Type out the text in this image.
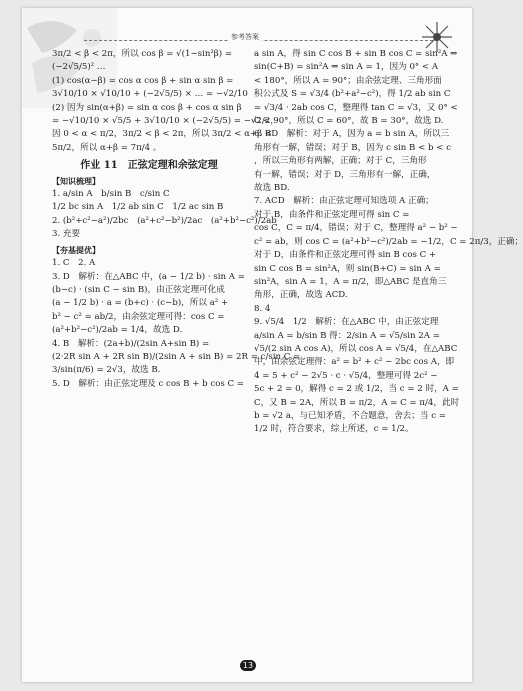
参考答案
3π/2 < β < 2π，所以 cos β = √(1−sin²β) =
(−2√5/5)² …
(1) cos(α−β) = cos α cos β + sin α sin β =
3√10/10 × √10/10 + (−2√5/5) × … = −√2/10
(2) 因为 sin(α+β) = sin α cos β + cos α sin β
= −√10/10 × √5/5 + 3√10/10 × (−2√5/5) = −√2/2，
因 0 < α < π/2，3π/2 < β < 2π，所以 3π/2 < α+β <
5π/2，所以 α+β = 7π/4 。
作业 11　正弦定理和余弦定理
【知识梳理】
1. a/sin A　b/sin B　c/sin C
1/2 bc sin A　1/2 ab sin C　1/2 ac sin B
2. (b²+c²−a²)/2bc　(a²+c²−b²)/2ac　(a²+b²−c²)/2ab
3. 充要
【夯基提优】
1. C　2. A
3. D　解析：在△ABC 中，(a − 1/2 b) · sin A =
(b−c) · (sin C − sin B)，由正弦定理可化成
(a − 1/2 b) · a = (b+c) · (c−b)，所以 a² +
b² − c² = ab/2，由余弦定理可得：cos C =
(a²+b²−c²)/2ab = 1/4，故选 D.
4. B　解析：(2a+b)/(2sin A+sin B) =
(2·2R sin A + 2R sin B)/(2sin A + sin B) = 2R = c/sin C =
3/sin(π/6) = 2√3，故选 B.
5. D　解析：由正弦定理及 c cos B + b cos C =
a sin A，得 sin C cos B + sin B cos C = sin²A ⇒
sin(C+B) = sin²A ⇒ sin A = 1，因为 0° < A
< 180°，所以 A = 90°；由余弦定理、三角形面
积公式及 S = √3/4 (b²+a²−c²)，得 1/2 ab sin C
= √3/4 · 2ab cos C，整理得 tan C = √3，又 0° <
C < 90°，所以 C = 60°，故 B = 30°，故选 D.
6. BD　解析：对于 A，因为 a = b sin A，所以三
角形有一解，错误；对于 B，因为 c sin B < b < c
，所以三角形有两解，正确；对于 C，三角形
有一解，错误；对于 D，三角形有一解，正确，
故选 BD.
7. ACD　解析：由正弦定理可知选项 A 正确；
对于 B，由条件和正弦定理可得 sin C =
cos C，C = π/4，错误；对于 C，整理得 a² − b² −
c² = ab，则 cos C = (a²+b²−c²)/2ab = −1/2，C = 2π/3，正确；
对于 D，由条件和正弦定理可得 sin B cos C +
sin C cos B = sin²A，则 sin(B+C) = sin A =
sin²A，sin A = 1，A = π/2，即△ABC 是直角三
角形，正确，故选 ACD.
8. 4
9. √5/4　1/2　解析：在△ABC 中，由正弦定理
a/sin A = b/sin B 得：2/sin A = √5/sin 2A =
√5/(2 sin A cos A)，所以 cos A = √5/4，在△ABC
中，由余弦定理得：a² = b² + c² − 2bc cos A，即
4 = 5 + c² − 2√5 · c · √5/4，整理可得 2c² −
5c + 2 = 0，解得 c = 2 或 1/2，当 c = 2 时，A =
C，又 B = 2A，所以 B = π/2，A = C = π/4，此时
b = √2 a，与已知矛盾，不合题意，舍去；当 c =
1/2 时，符合要求，综上所述，c = 1/2。
13
